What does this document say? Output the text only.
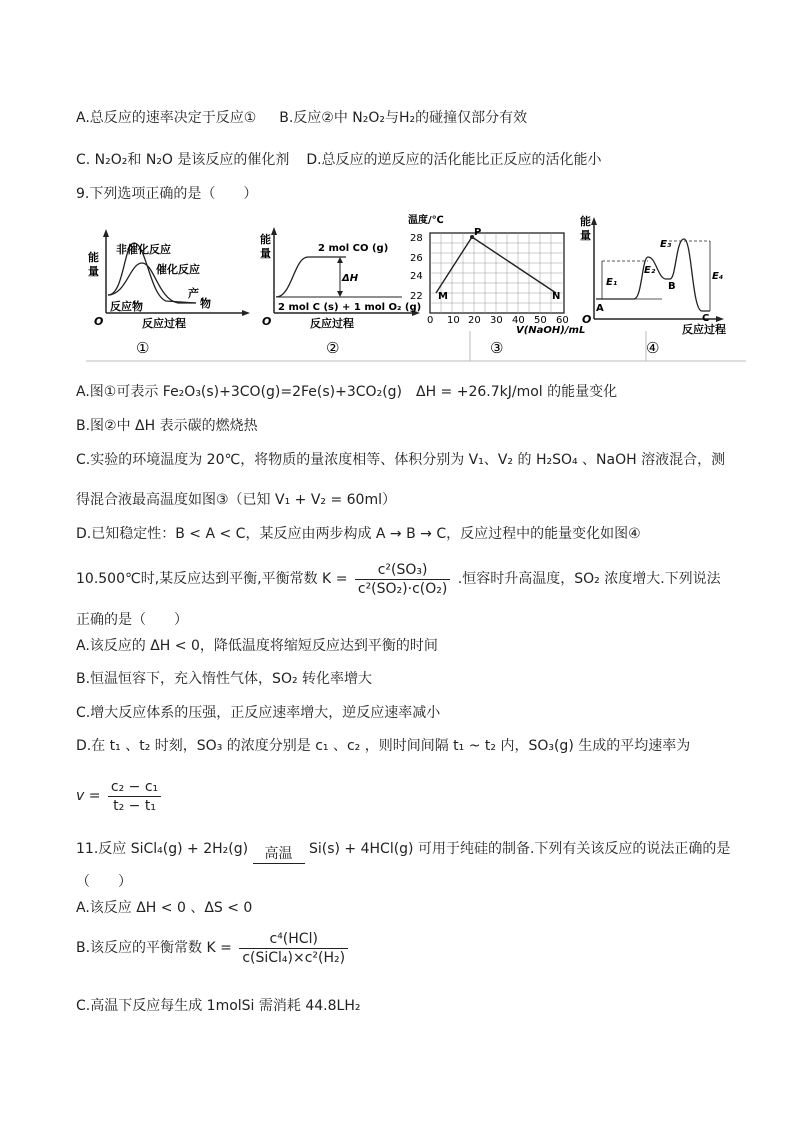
A.总反应的速率决定于反应① B.反应②中 N₂O₂与H₂的碰撞仅部分有效
C. N₂O₂和 N₂O 是该反应的催化剂 D.总反应的逆反应的活化能比正反应的活化能小
9.下列选项正确的是（　　）
能
量
非催化反应
催化反应
反应物
产
物
O	反应过程
①
能
量	2 mol CO (g)
ΔH
2 mol C (s) + 1 mol O₂ (g)
O	反应过程
②
温度/℃
28
26
24
22
0 10 20 30 40 50 60
V(NaOH)/mL
P
M	N
③
能
量
E₁
E₂
E₃
E₄
A
B
C
O
反应过程
④
A.图①可表示 Fe₂O₃(s)+3CO(g)=2Fe(s)+3CO₂(g)　ΔH = +26.7kJ/mol 的能量变化
B.图②中 ΔH 表示碳的燃烧热
C.实验的环境温度为 20℃，将物质的量浓度相等、体积分别为 V₁、V₂ 的 H₂SO₄ 、NaOH 溶液混合，测
得混合液最高温度如图③（已知 V₁ + V₂ = 60ml）
D.已知稳定性：B < A < C，某反应由两步构成 A → B → C，反应过程中的能量变化如图④
10.500℃时,某反应达到平衡,平衡常数 $K = \frac{\text{c²(SO₃)}}{\text{c²(SO₂)·c(O₂)}}$ .恒容时升高温度，SO₂ 浓度增大.下列说法
正确的是（　　）
A.该反应的 ΔH < 0，降低温度将缩短反应达到平衡的时间
B.恒温恒容下，充入惰性气体，SO₂ 转化率增大
C.增大反应体系的压强，正反应速率增大，逆反应速率减小
D.在 t₁ 、t₂ 时刻，SO₃ 的浓度分别是 c₁ 、c₂ ，则时间间隔 t₁ ~ t₂ 内，SO₃(g) 生成的平均速率为
$v = \frac{\text{c₂ − c₁}}{\text{t₂ − t₁}}$
11.反应 SiCl₄(g) + 2H₂(g)	高温	Si(s) + 4HCl(g) 可用于纯硅的制备.下列有关该反应的说法正确的是
（　　）
A.该反应 ΔH < 0 、ΔS < 0
B.该反应的平衡常数 $K = \frac{\text{c⁴(HCl)}}{\text{c(SiCl₄)×c²(H₂)}}$
C.高温下反应每生成 1molSi 需消耗 44.8LH₂
